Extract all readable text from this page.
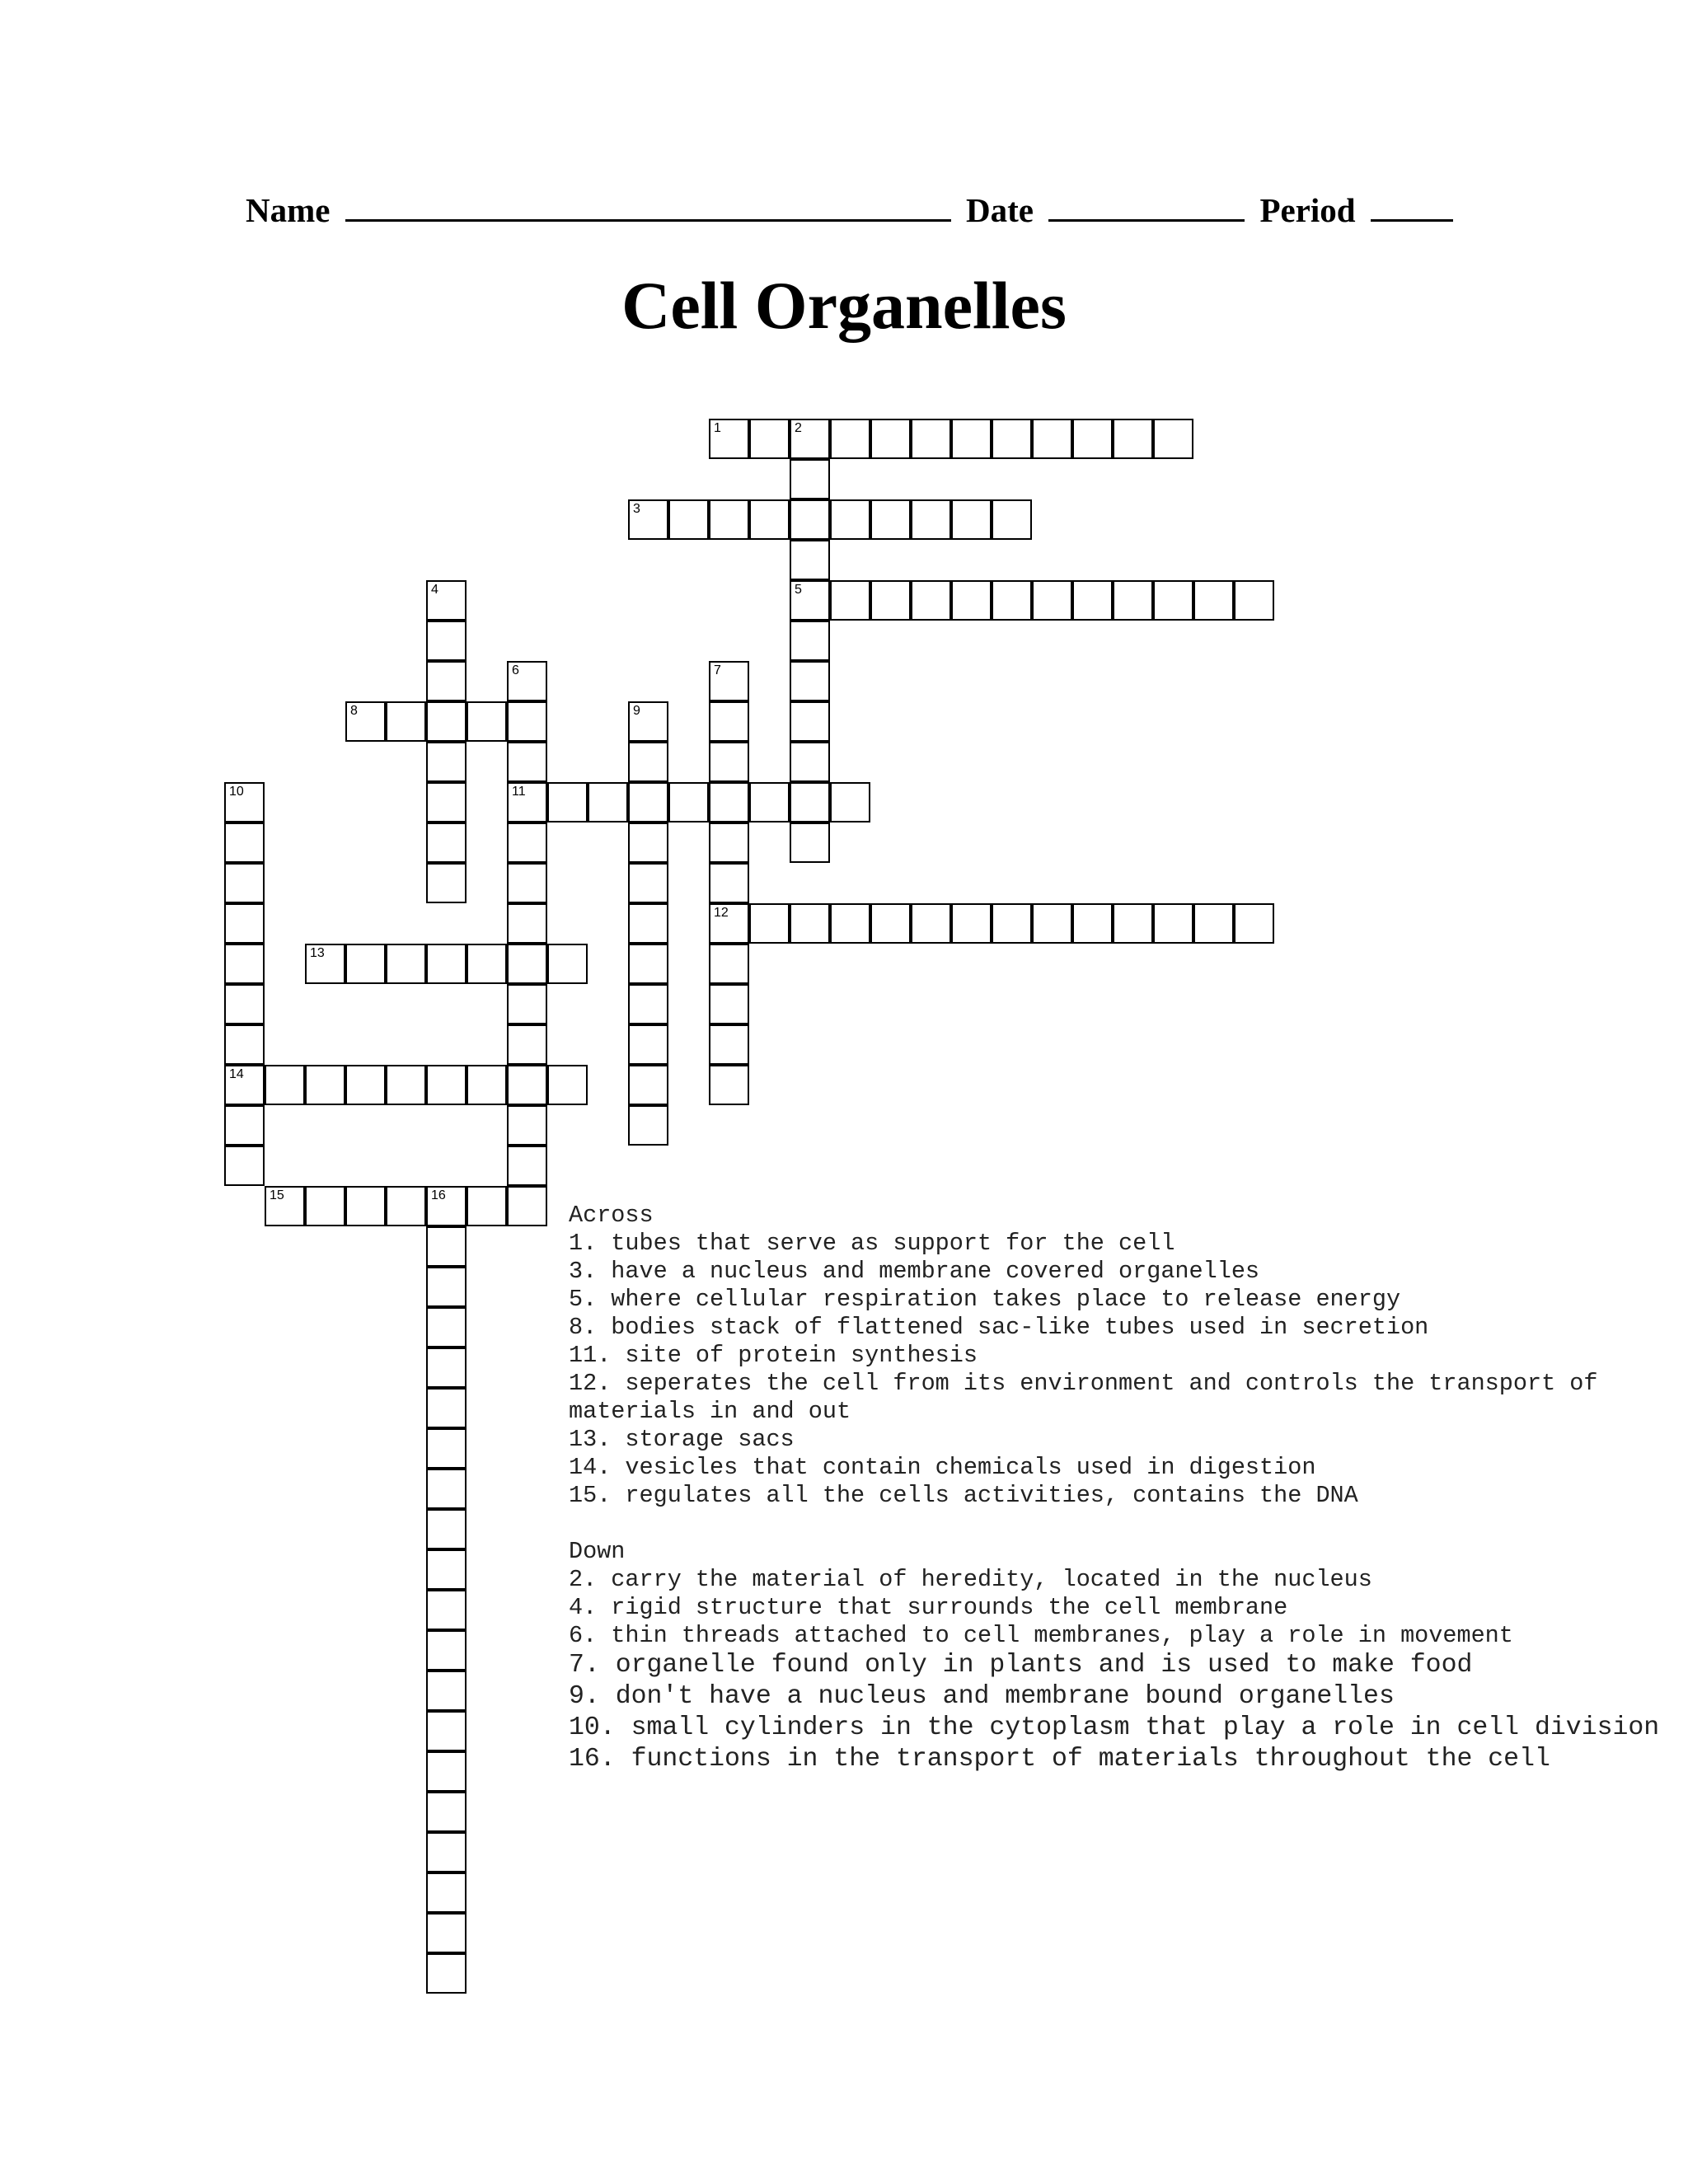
Name	Date	Period
Cell Organelles
1	2
5
3
4
6
11
7
12
8	9
10
14
13
15	16
Across
1. tubes that serve as support for the cell
3. have a nucleus and membrane covered organelles
5. where cellular respiration takes place to release energy
8. bodies stack of flattened sac-like tubes used in secretion
11. site of protein synthesis
12. seperates the cell from its environment and controls the transport of materials in and out
13. storage sacs
14. vesicles that contain chemicals used in digestion
15. regulates all the cells activities, contains the DNA
Down
2. carry the material of heredity, located in the nucleus
4. rigid structure that surrounds the cell membrane
6. thin threads attached to cell membranes, play a role in movement
7. organelle found only in plants and is used to make food
9. don't have a nucleus and membrane bound organelles
10. small cylinders in the cytoplasm that play a role in cell division
16. functions in the transport of materials throughout the cell
